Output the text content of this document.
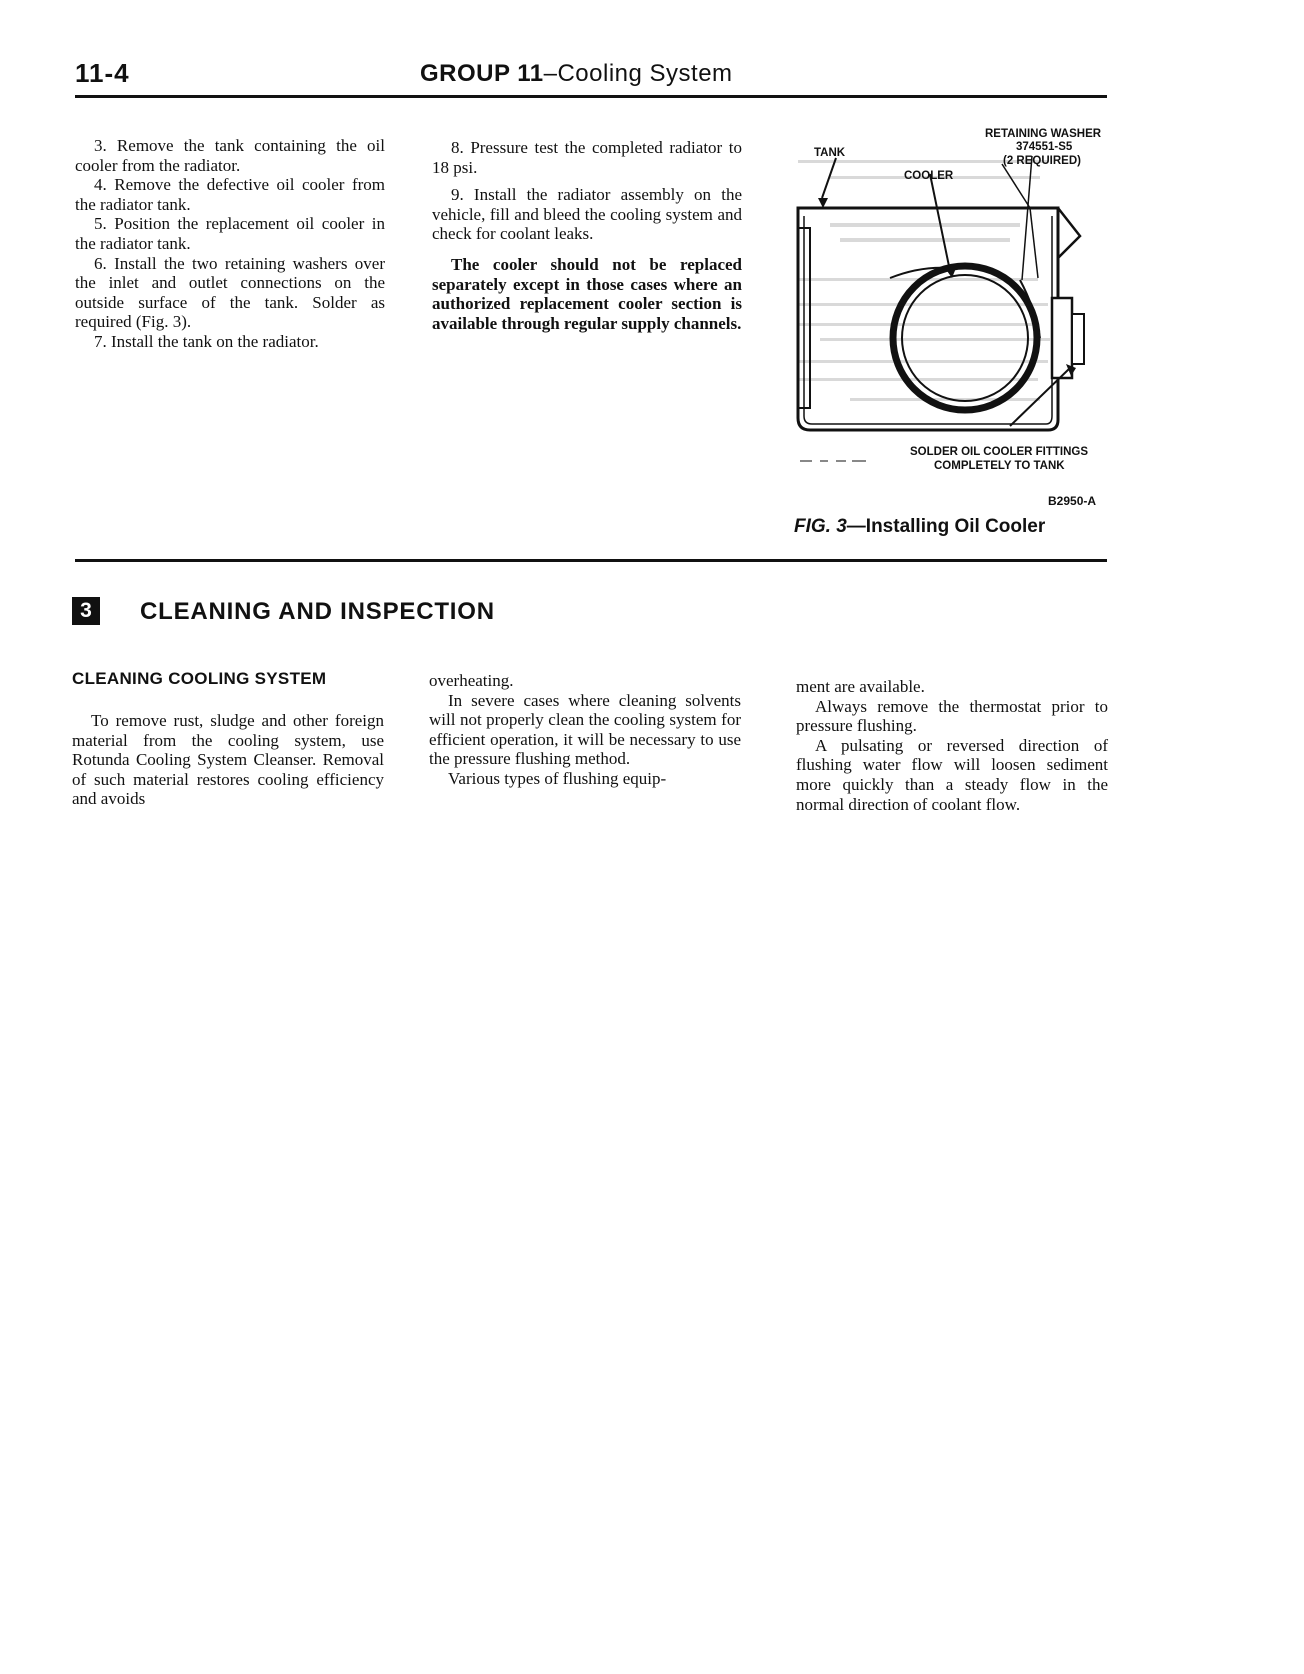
11-4	GROUP 11–Cooling System

3. Remove the tank containing the oil cooler from the radiator.

4. Remove the defective oil cooler from the radiator tank.

5. Position the replacement oil cooler in the radiator tank.

6. Install the two retaining washers over the inlet and outlet connections on the outside surface of the tank. Solder as required (Fig. 3).

7. Install the tank on the radiator.

8. Pressure test the completed radiator to 18 psi.

9. Install the radiator assembly on the vehicle, fill and bleed the cooling system and check for coolant leaks.

The cooler should not be replaced separately except in those cases where an authorized replacement cooler section is available through regular supply channels.

RETAINING WASHER
374551-S5
(2 REQUIRED)
TANK
COOLER
SOLDER OIL COOLER FITTINGS
COMPLETELY TO TANK
B2950-A
FIG. 3—Installing Oil Cooler
3	CLEANING AND INSPECTION
CLEANING COOLING SYSTEM

To remove rust, sludge and other foreign material from the cooling system, use Rotunda Cooling System Cleanser. Removal of such material restores cooling efficiency and avoids

overheating.

In severe cases where cleaning solvents will not properly clean the cooling system for efficient operation, it will be necessary to use the pressure flushing method.

Various types of flushing equip-

ment are available.

Always remove the thermostat prior to pressure flushing.

A pulsating or reversed direction of flushing water flow will loosen sediment more quickly than a steady flow in the normal direction of coolant flow.
